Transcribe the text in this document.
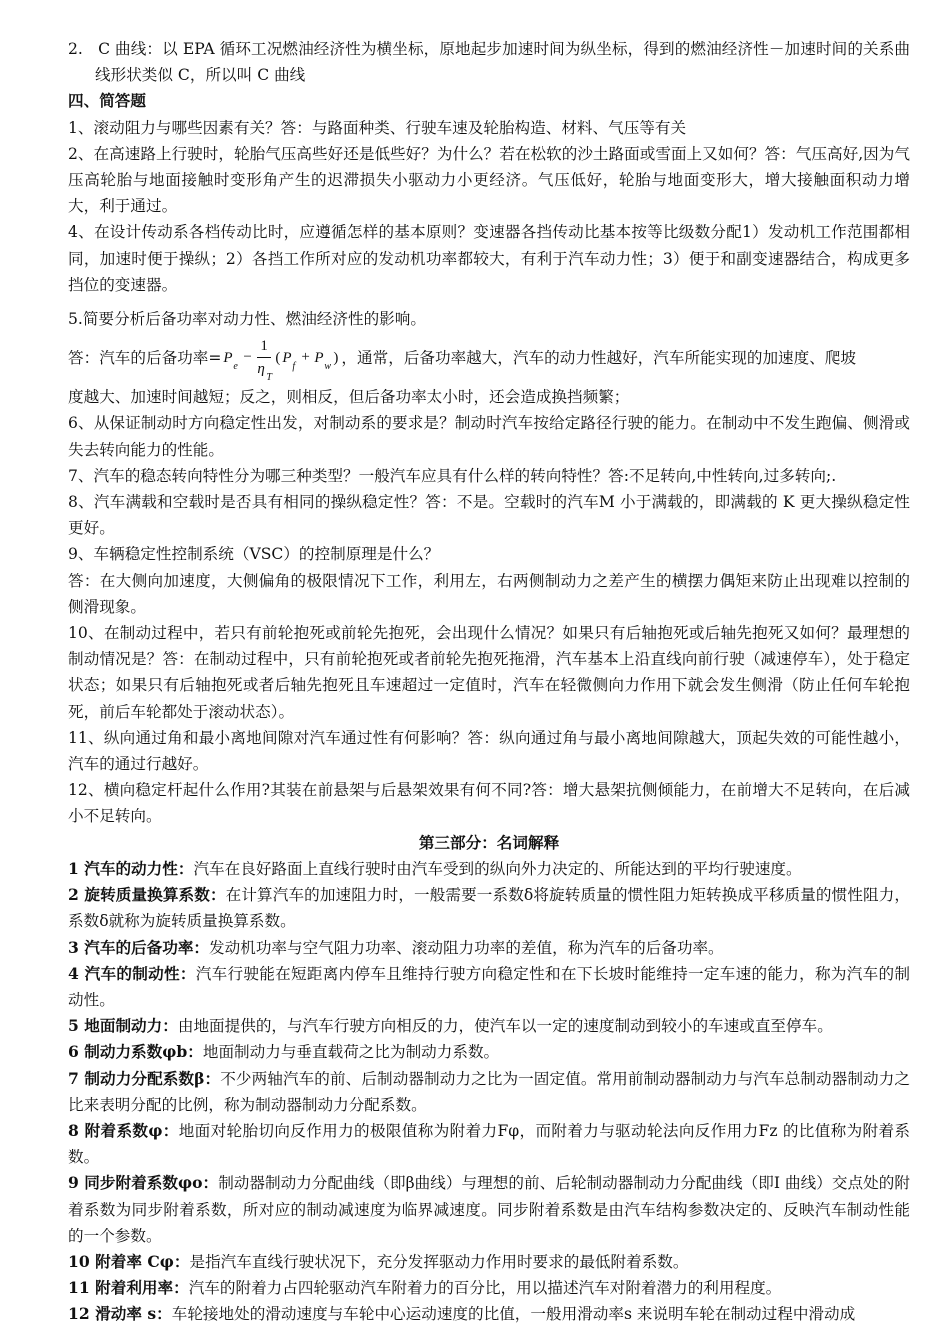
2. C 曲线：以 EPA 循环工况燃油经济性为横坐标，原地起步加速时间为纵坐标，得到的燃油经济性－加速时间的关系曲线形状类似 C，所以叫 C 曲线

四、简答题

1、滚动阻力与哪些因素有关？答：与路面种类、行驶车速及轮胎构造、材料、气压等有关

2、在高速路上行驶时，轮胎气压高些好还是低些好？为什么？若在松软的沙土路面或雪面上又如何？答：气压高好,因为气压高轮胎与地面接触时变形角产生的迟滞损失小驱动力小更经济。气压低好，轮胎与地面变形大，增大接触面积动力增大，利于通过。

4、在设计传动系各档传动比时，应遵循怎样的基本原则？变速器各挡传动比基本按等比级数分配1）发动机工作范围都相同，加速时便于操纵；2）各挡工作所对应的发动机功率都较大，有利于汽车动力性；3）便于和副变速器结合，构成更多挡位的变速器。

5.简要分析后备功率对动力性、燃油经济性的影响。

答：汽车的后备功率= P
e
−
1
η
T
( P
f
+ P
w
) ，通常，后备功率越大，汽车的动力性越好，汽车所能实现的加速度、爬坡

度越大、加速时间越短；反之，则相反，但后备功率太小时，还会造成换挡频繁；

6、从保证制动时方向稳定性出发，对制动系的要求是？制动时汽车按给定路径行驶的能力。在制动中不发生跑偏、侧滑或失去转向能力的性能。

7、汽车的稳态转向特性分为哪三种类型？一般汽车应具有什么样的转向特性？答:不足转向,中性转向,过多转向;.

8、汽车满载和空载时是否具有相同的操纵稳定性？答：不是。空载时的汽车M 小于满载的，即满载的 K 更大操纵稳定性更好。

9、车辆稳定性控制系统（VSC）的控制原理是什么？

答：在大侧向加速度，大侧偏角的极限情况下工作，利用左，右两侧制动力之差产生的横摆力偶矩来防止出现难以控制的侧滑现象。

10、在制动过程中，若只有前轮抱死或前轮先抱死，会出现什么情况？如果只有后轴抱死或后轴先抱死又如何？最理想的制动情况是？答：在制动过程中，只有前轮抱死或者前轮先抱死拖滑，汽车基本上沿直线向前行驶（减速停车），处于稳定状态；如果只有后轴抱死或者后轴先抱死且车速超过一定值时，汽车在轻微侧向力作用下就会发生侧滑（防止任何车轮抱死，前后车轮都处于滚动状态）。

11、纵向通过角和最小离地间隙对汽车通过性有何影响？答：纵向通过角与最小离地间隙越大，顶起失效的可能性越小，汽车的通过行越好。

12、横向稳定杆起什么作用?其装在前悬架与后悬架效果有何不同?答：增大悬架抗侧倾能力，在前增大不足转向，在后减小不足转向。

第三部分：名词解释

1 汽车的动力性：汽车在良好路面上直线行驶时由汽车受到的纵向外力决定的、所能达到的平均行驶速度。

2 旋转质量换算系数：在计算汽车的加速阻力时，一般需要一系数δ将旋转质量的惯性阻力矩转换成平移质量的惯性阻力，系数δ就称为旋转质量换算系数。

3 汽车的后备功率：发动机功率与空气阻力功率、滚动阻力功率的差值，称为汽车的后备功率。

4 汽车的制动性：汽车行驶能在短距离内停车且维持行驶方向稳定性和在下长坡时能维持一定车速的能力，称为汽车的制动性。

5 地面制动力：由地面提供的，与汽车行驶方向相反的力，使汽车以一定的速度制动到较小的车速或直至停车。

6 制动力系数φb：地面制动力与垂直载荷之比为制动力系数。

7 制动力分配系数β：不少两轴汽车的前、后制动器制动力之比为一固定值。常用前制动器制动力与汽车总制动器制动力之比来表明分配的比例，称为制动器制动力分配系数。

8 附着系数φ：地面对轮胎切向反作用力的极限值称为附着力Fφ，而附着力与驱动轮法向反作用力Fz 的比值称为附着系数。

9 同步附着系数φo：制动器制动力分配曲线（即β曲线）与理想的前、后轮制动器制动力分配曲线（即I 曲线）交点处的附着系数为同步附着系数，所对应的制动减速度为临界减速度。同步附着系数是由汽车结构参数决定的、反映汽车制动性能的一个参数。

10 附着率 Cφ：是指汽车直线行驶状况下，充分发挥驱动力作用时要求的最低附着系数。

11 附着利用率：汽车的附着力占四轮驱动汽车附着力的百分比，用以描述汽车对附着潜力的利用程度。

12 滑动率 s：车轮接地处的滑动速度与车轮中心运动速度的比值，一般用滑动率s 来说明车轮在制动过程中滑动成
